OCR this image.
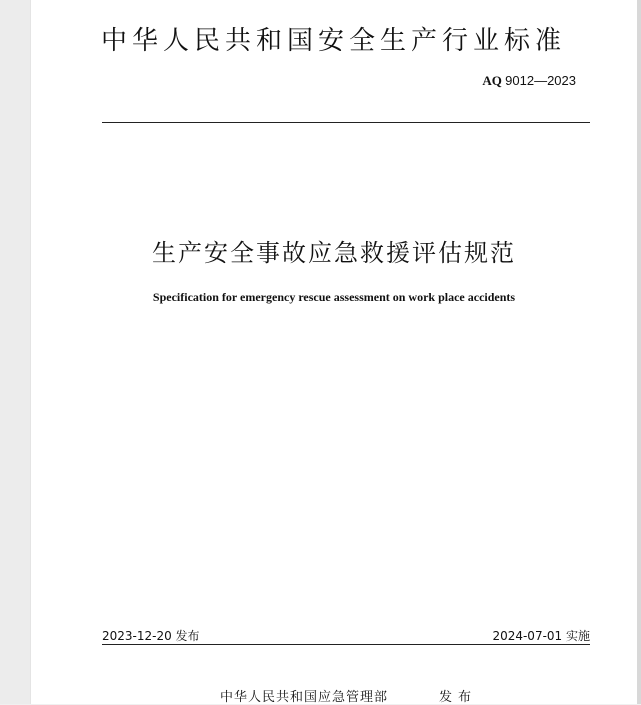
中华人民共和国安全生产行业标准
AQ 9012—2023
生产安全事故应急救援评估规范
Specification for emergency rescue assessment on work place accidents
2023-12-20 发布	2024-07-01 实施
中华人民共和国应急管理部	发布
